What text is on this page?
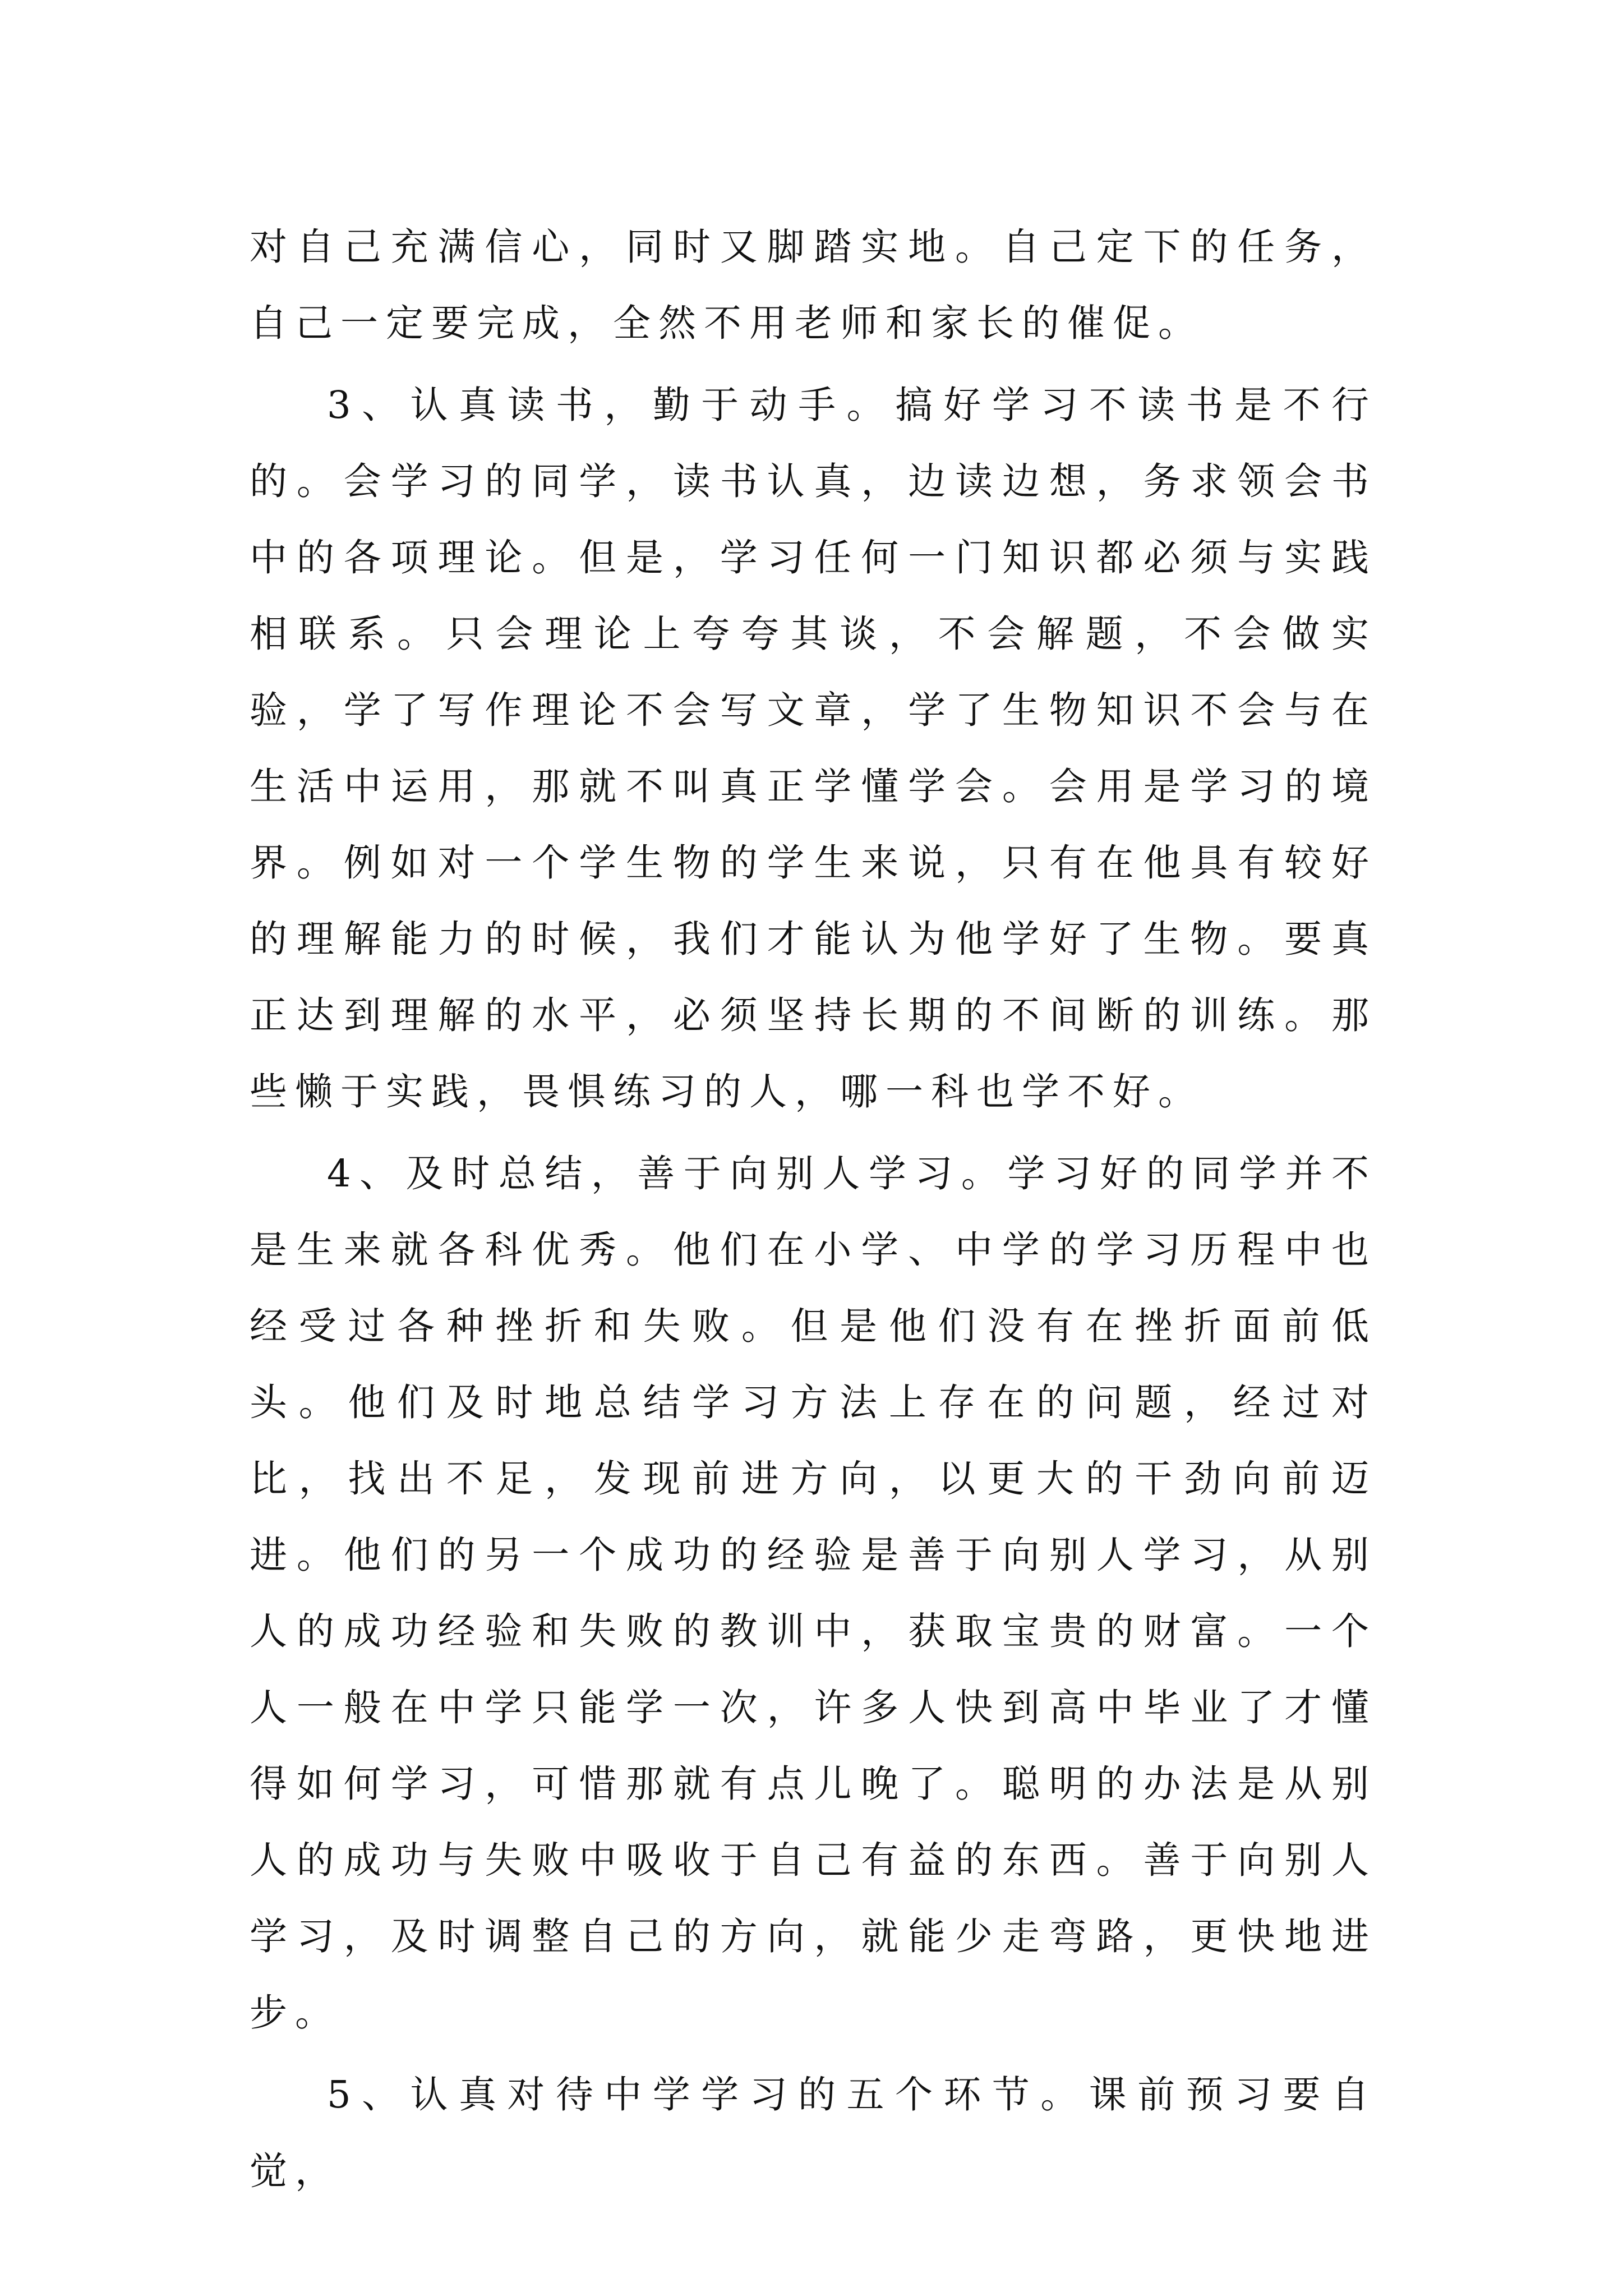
对自己充满信心，同时又脚踏实地。自己定下的任务，自己一定要完成，全然不用老师和家长的催促。

3、认真读书，勤于动手。搞好学习不读书是不行的。会学习的同学，读书认真，边读边想，务求领会书中的各项理论。但是，学习任何一门知识都必须与实践相联系。只会理论上夸夸其谈，不会解题，不会做实验，学了写作理论不会写文章，学了生物知识不会与在生活中运用，那就不叫真正学懂学会。会用是学习的境界。例如对一个学生物的学生来说，只有在他具有较好的理解能力的时候，我们才能认为他学好了生物。要真正达到理解的水平，必须坚持长期的不间断的训练。那些懒于实践，畏惧练习的人，哪一科也学不好。

4、及时总结，善于向别人学习。学习好的同学并不是生来就各科优秀。他们在小学、中学的学习历程中也经受过各种挫折和失败。但是他们没有在挫折面前低头。他们及时地总结学习方法上存在的问题，经过对比，找出不足，发现前进方向，以更大的干劲向前迈进。他们的另一个成功的经验是善于向别人学习，从别人的成功经验和失败的教训中，获取宝贵的财富。一个人一般在中学只能学一次，许多人快到高中毕业了才懂得如何学习，可惜那就有点儿晚了。聪明的办法是从别人的成功与失败中吸收于自己有益的东西。善于向别人学习，及时调整自己的方向，就能少走弯路，更快地进步。

5、认真对待中学学习的五个环节。课前预习要自觉，
